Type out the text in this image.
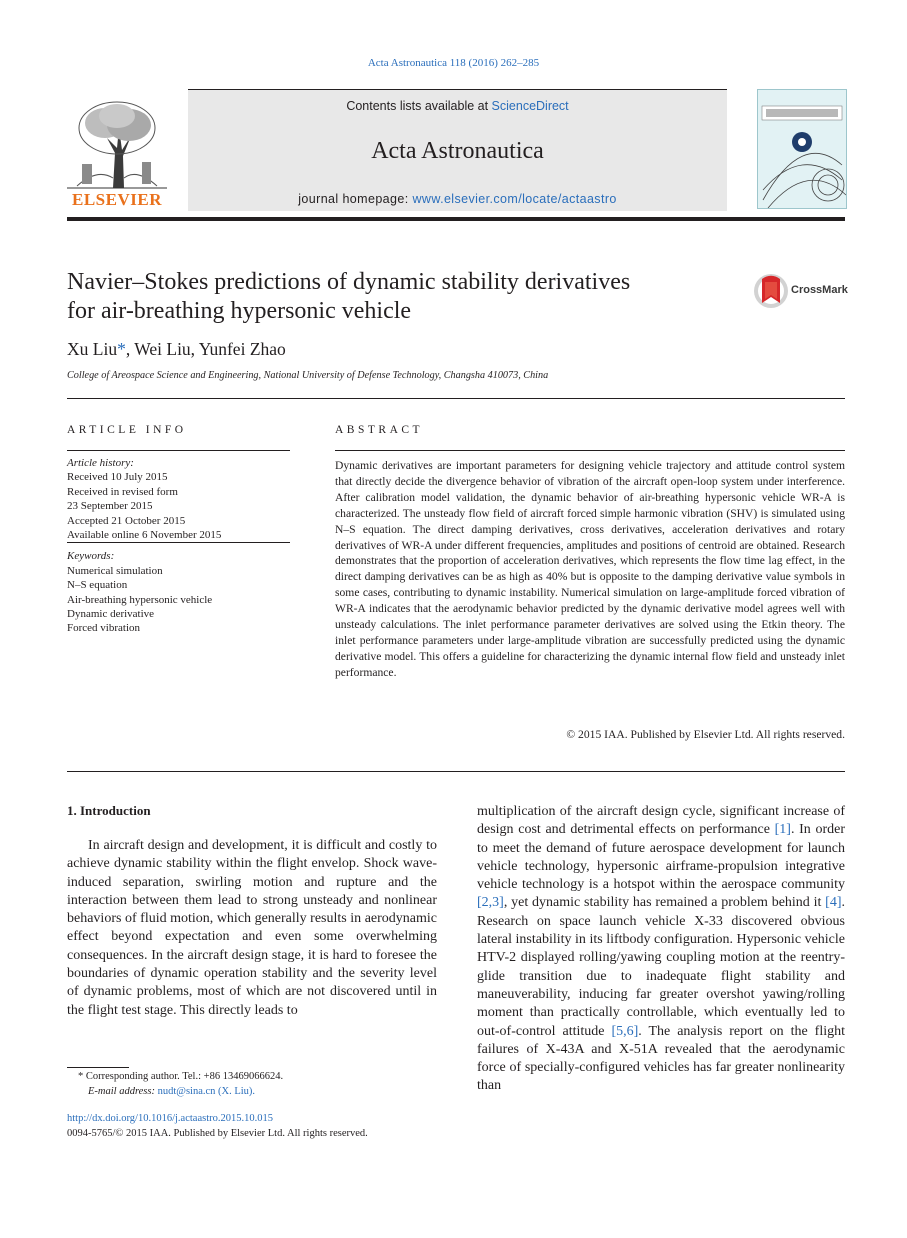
Acta Astronautica 118 (2016) 262–285
ELSEVIER
Contents lists available at ScienceDirect
Acta Astronautica
journal homepage: www.elsevier.com/locate/actaastro
Navier–Stokes predictions of dynamic stability derivatives
for air-breathing hypersonic vehicle
CrossMark
Xu Liu*, Wei Liu, Yunfei Zhao
College of Areospace Science and Engineering, National University of Defense Technology, Changsha 410073, China
ARTICLE INFO
Article history:
Received 10 July 2015
Received in revised form
23 September 2015
Accepted 21 October 2015
Available online 6 November 2015
Keywords:
Numerical simulation
N–S equation
Air-breathing hypersonic vehicle
Dynamic derivative
Forced vibration
ABSTRACT
Dynamic derivatives are important parameters for designing vehicle trajectory and attitude control system that directly decide the divergence behavior of vibration of the aircraft open-loop system under interference. After calibration model validation, the dynamic behavior of air-breathing hypersonic vehicle WR-A is characterized. The unsteady flow field of aircraft forced simple harmonic vibration (SHV) is simulated using N–S equation. The direct damping derivatives, cross derivatives, acceleration derivatives and rotary derivatives of WR-A under different frequencies, amplitudes and positions of centroid are obtained. Research demonstrates that the proportion of acceleration derivatives, which represents the flow time lag effect, in the direct damping derivatives can be as high as 40% but is opposite to the damping derivative value symbols in some cases, contributing to dynamic instability. Numerical simulation on large-amplitude forced vibration of WR-A indicates that the aerodynamic behavior predicted by the dynamic derivative model agrees well with unsteady calculations. The inlet performance parameter derivatives are solved using the Etkin theory. The inlet performance parameters under large-amplitude vibration are successfully predicted using the dynamic derivative model. This offers a guideline for characterizing the dynamic internal flow field and unsteady inlet performance.
© 2015 IAA. Published by Elsevier Ltd. All rights reserved.
1. Introduction
In aircraft design and development, it is difficult and costly to achieve dynamic stability within the flight envelop. Shock wave-induced separation, swirling motion and rupture and the interaction between them lead to strong unsteady and nonlinear behaviors of fluid motion, which generally results in aerodynamic effect beyond expectation and even some overwhelming consequences. In the aircraft design stage, it is hard to foresee the boundaries of dynamic operation stability and the severity level of dynamic problems, most of which are not discovered until in the flight test stage. This directly leads to
multiplication of the aircraft design cycle, significant increase of design cost and detrimental effects on performance [1]. In order to meet the demand of future aerospace development for launch vehicle technology, hypersonic airframe-propulsion integrative vehicle technology is a hotspot within the aerospace community [2,3], yet dynamic stability has remained a problem behind it [4]. Research on space launch vehicle X-33 discovered obvious lateral instability in its liftbody configuration. Hypersonic vehicle HTV-2 displayed rolling/yawing coupling motion at the reentry-glide transition due to inadequate flight stability and maneuverability, inducing far greater overshot yawing/rolling moment than practically controllable, which eventually led to out-of-control attitude [5,6]. The analysis report on the flight failures of X-43A and X-51A revealed that the aerodynamic force of specially-configured vehicles has far greater nonlinearity than
* Corresponding author. Tel.: +86 13469066624.
E-mail address: nudt@sina.cn (X. Liu).
http://dx.doi.org/10.1016/j.actaastro.2015.10.015
0094-5765/© 2015 IAA. Published by Elsevier Ltd. All rights reserved.
